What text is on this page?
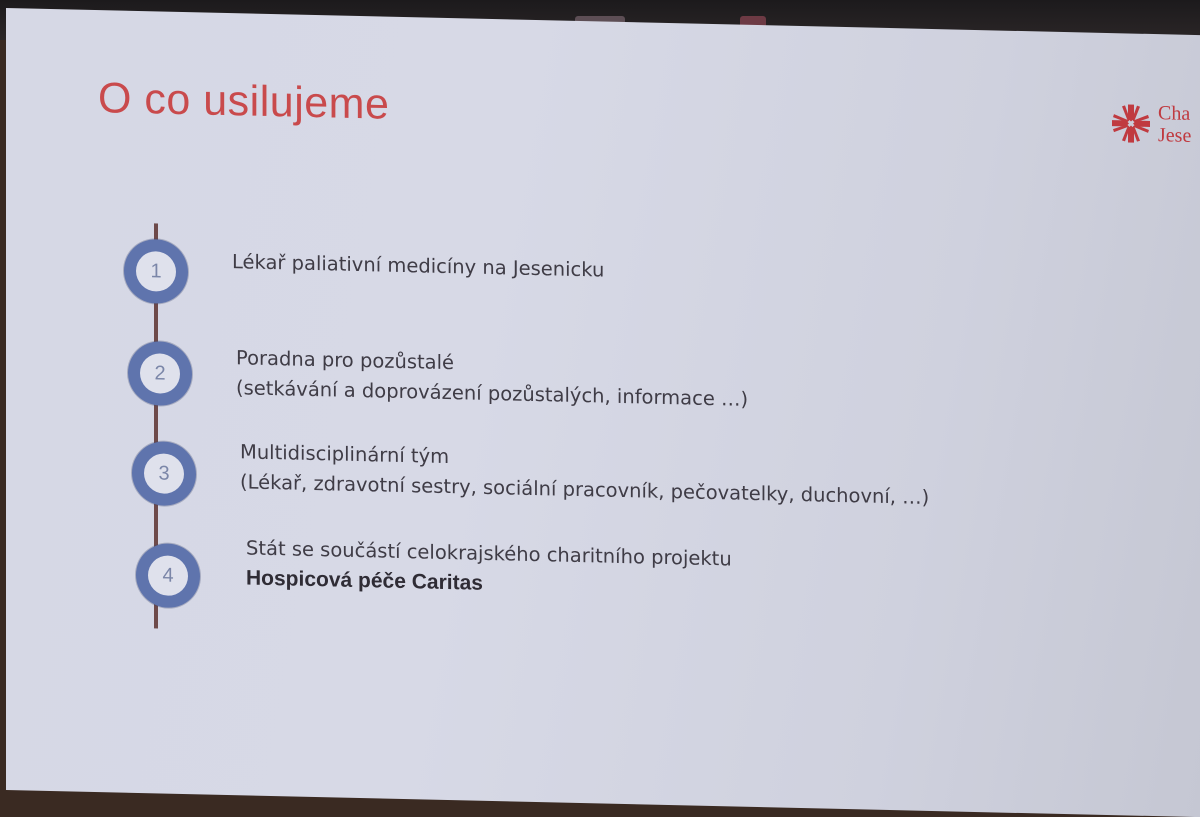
O co usilujeme	Cha
Jese
1	Lékař paliativní medicíny na Jesenicku
2	Poradna pro pozůstalé
(setkávání a doprovázení pozůstalých, informace …)
3
Multidisciplinární tým
(Lékař, zdravotní sestry, sociální pracovník, pečovatelky, duchovní, …)
4
Stát se součástí celokrajského charitního projektu
Hospicová péče Caritas
